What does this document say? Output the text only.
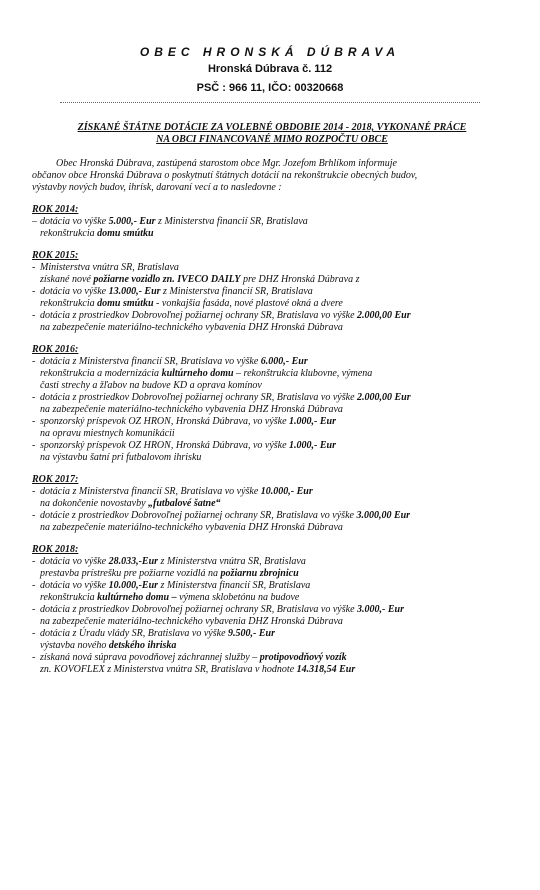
OBEC HRONSKÁ DÚBRAVA
Hronská Dúbrava č. 112
PSČ : 966 11, IČO: 00320668
ZÍSKANÉ ŠTÁTNE DOTÁCIE ZA VOLEBNÉ OBDOBIE 2014 - 2018, VYKONANÉ PRÁCE
NA OBCI FINANCOVANÉ MIMO ROZPOČTU OBCE
Obec Hronská Dúbrava, zastúpená starostom obce Mgr. Jozefom Brhlíkom informuje
občanov obce Hronská Dúbrava o poskytnutí štátnych dotácií na rekonštrukcie obecných budov,
výstavby nových budov, ihrísk, darovaní vecí a to nasledovne :
ROK 2014:
– dotácia vo výške 5.000,- Eur z Ministerstva financií SR, Bratislava
rekonštrukcia domu smútku
ROK 2015:
- Ministerstva vnútra SR, Bratislava
získané nové požiarne vozidlo zn. IVECO DAILY pre DHZ Hronská Dúbrava z
- dotácia vo výške 13.000,- Eur z Ministerstva financií SR, Bratislava
rekonštrukcia domu smútku - vonkajšia fasáda, nové plastové okná a dvere
- dotácia z prostriedkov Dobrovoľnej požiarnej ochrany SR, Bratislava vo výške 2.000,00 Eur
na zabezpečenie materiálno-technického vybavenia DHZ Hronská Dúbrava
ROK 2016:
- dotácia z Ministerstva financií SR, Bratislava vo výške 6.000,- Eur
rekonštrukcia a modernizácia kultúrneho domu – rekonštrukcia klubovne, výmena
časti strechy a žľabov na budove KD a oprava komínov
- dotácia z prostriedkov Dobrovoľnej požiarnej ochrany SR, Bratislava vo výške 2.000,00 Eur
na zabezpečenie materiálno-technického vybavenia DHZ Hronská Dúbrava
- sponzorský príspevok OZ HRON, Hronská Dúbrava, vo výške 1.000,- Eur
na opravu miestnych komunikácii
- sponzorský príspevok OZ HRON, Hronská Dúbrava, vo výške 1.000,- Eur
na výstavbu šatní pri futbalovom ihrisku
ROK 2017:
- dotácia z Ministerstva financií SR, Bratislava vo výške 10.000,- Eur
na dokončenie novostavby „futbalové šatne“
- dotácie z prostriedkov Dobrovoľnej požiarnej ochrany SR, Bratislava vo výške 3.000,00 Eur
na zabezpečenie materiálno-technického vybavenia DHZ Hronská Dúbrava
ROK 2018:
- dotácia vo výške 28.033,-Eur z Ministerstva vnútra SR, Bratislava
prestavba prístrešku pre požiarne vozidlá na požiarnu zbrojnicu
- dotácia vo výške 10.000,-Eur z Ministerstva financií SR, Bratislava
rekonštrukcia kultúrneho domu – výmena sklobetónu na budove
- dotácia z prostriedkov Dobrovoľnej požiarnej ochrany SR, Bratislava vo výške 3.000,- Eur
na zabezpečenie materiálno-technického vybavenia DHZ Hronská Dúbrava
- dotácia z Úradu vlády SR, Bratislava vo výške 9.500,- Eur
výstavba nového detského ihriska
- získaná nová súprava povodňovej záchrannej služby – protipovodňový vozík
zn. KOVOFLEX z Ministerstva vnútra SR, Bratislava v hodnote 14.318,54 Eur
